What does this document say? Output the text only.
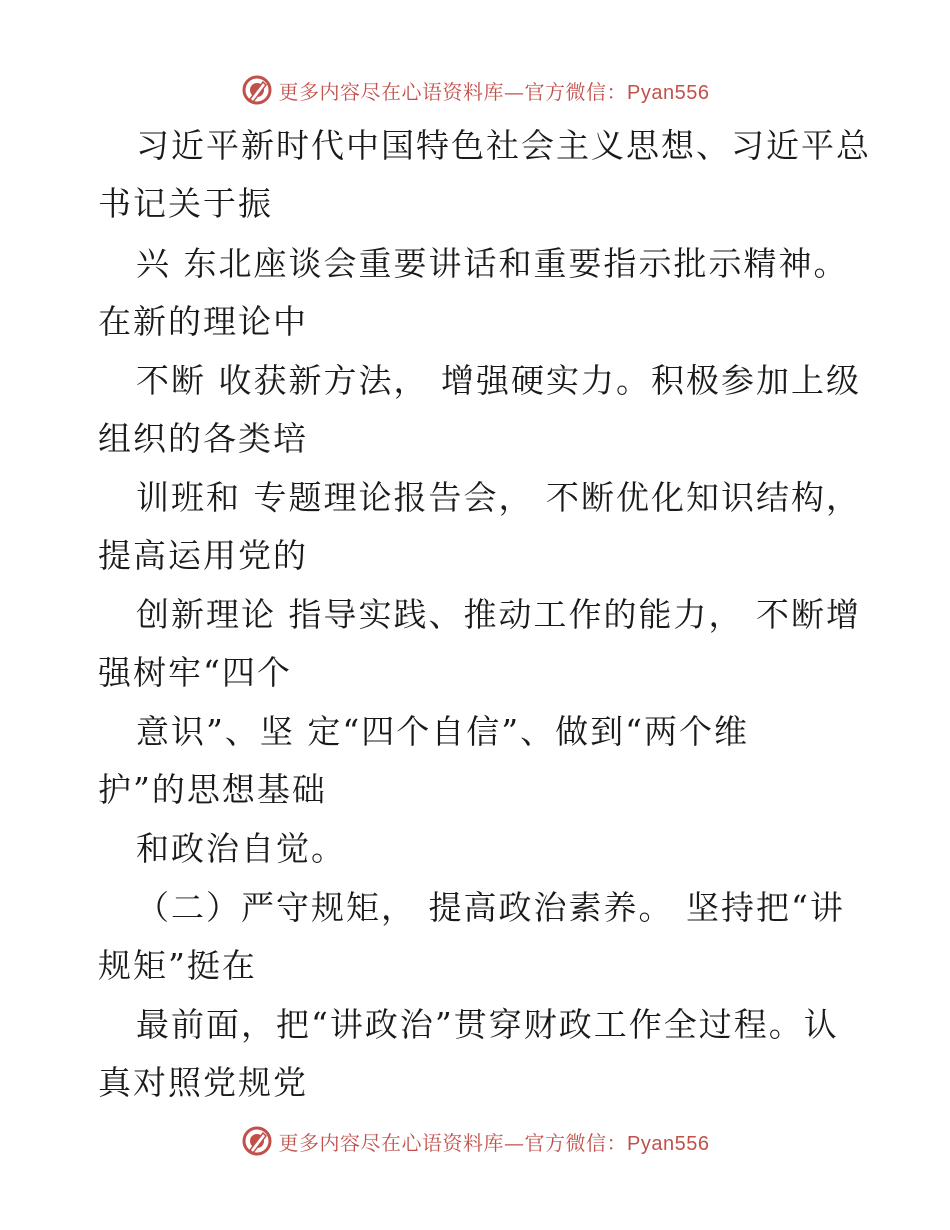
更多内容尽在心语资料库—官方微信：Pyan556
习近平新时代中国特色社会主义思想、习近平总
书记关于振
兴 东北座谈会重要讲话和重要指示批示精神。
在新的理论中
不断 收获新方法， 增强硬实力。积极参加上级
组织的各类培
训班和 专题理论报告会， 不断优化知识结构，
提高运用党的
创新理论 指导实践、推动工作的能力， 不断增
强树牢“四个
意识”、坚 定“四个自信”、做到“两个维
护”的思想基础
和政治自觉。
（二）严守规矩， 提高政治素养。 坚持把“讲
规矩”挺在
最前面，把“讲政治”贯穿财政工作全过程。认
真对照党规党
更多内容尽在心语资料库—官方微信：Pyan556
